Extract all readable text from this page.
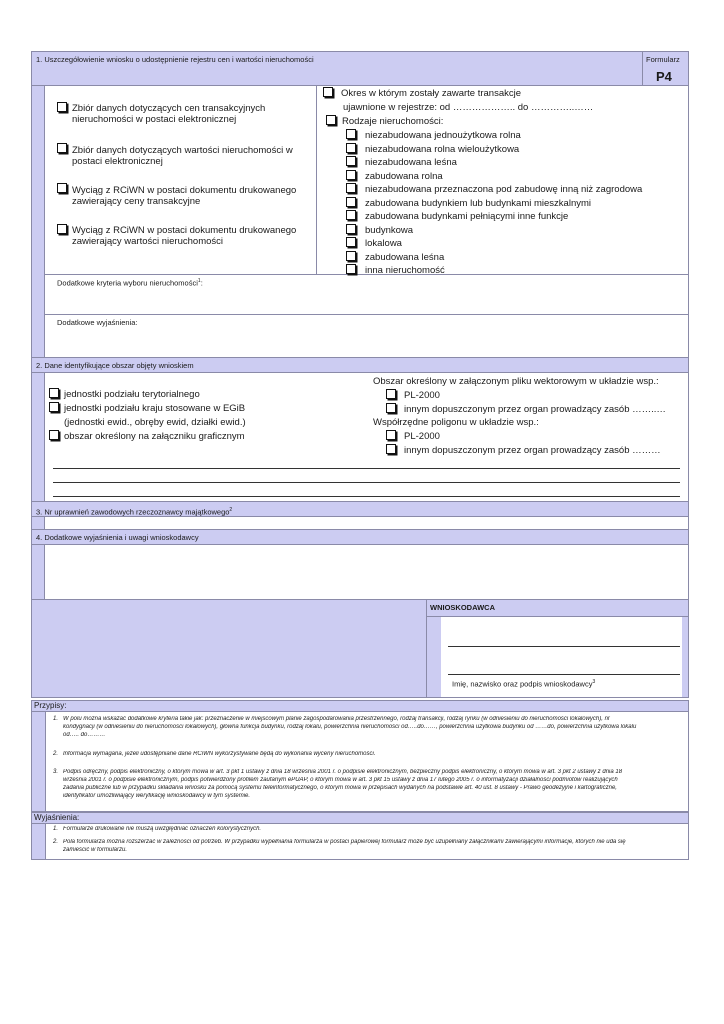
1. Uszczegółowienie wniosku o udostępnienie rejestru cen i wartości nieruchomości	Formularz
P4
Zbiór danych dotyczących cen transakcyjnych
nieruchomości w postaci elektronicznej
Zbiór danych dotyczących wartości nieruchomości w
postaci elektronicznej
Wyciąg z RCiWN w postaci dokumentu drukowanego
zawierający ceny transakcyjne
Wyciąg z RCiWN w postaci dokumentu drukowanego
zawierający wartości nieruchomości
Okres w którym zostały zawarte transakcje
ujawnione w rejestrze: od ……………….. do …………..……
Rodzaje nieruchomości:
niezabudowana jednoużytkowa rolna
niezabudowana rolna wieloużytkowa
niezabudowana leśna
zabudowana rolna
niezabudowana przeznaczona pod zabudowę inną niż zagrodowa
zabudowana budynkiem lub budynkami mieszkalnymi
zabudowana budynkami pełniącymi inne funkcje
budynkowa
lokalowa
zabudowana leśna
inna nieruchomość
Dodatkowe kryteria wyboru nieruchomości$^1$:
Dodatkowe wyjaśnienia:
2. Dane identyfikujące obszar objęty wnioskiem
jednostki podziału terytorialnego
jednostki podziału kraju stosowane w EGiB
(jednostki ewid., obręby ewid, działki ewid.)
obszar określony na załączniku graficznym
Obszar określony w załączonym pliku wektorowym w układzie wsp.:
PL-2000
innym dopuszczonym przez organ prowadzący zasób ……..…
Współrzędne poligonu w układzie wsp.:
PL-2000
innym dopuszczonym przez organ prowadzący zasób ………
3. Nr uprawnień zawodowych rzeczoznawcy majątkowego$^2$
4. Dodatkowe wyjaśnienia i uwagi wnioskodawcy
WNIOSKODAWCA
Imię, nazwisko oraz podpis wnioskodawcy$^3$
Przypisy:
1. W polu można wskazać dodatkowe kryteria takie jak: przeznaczenie w miejscowym planie zagospodarowania przestrzennego, rodzaj transakcji, rodzaj rynku (w odniesieniu do nieruchomości lokalowych), nr
kondygnacji (w odniesieniu do nieruchomości lokalowych), główna funkcja budynku, rodzaj lokalu, powierzchnia nieruchomości od…..do……, powierzchnia użytkowa budynku od ……do, powierzchnia użytkowa lokalu
od….. do………
2. Informacja wymagana, jeżeli udostępniane dane RCiWN wykorzystywane będą do wykonania wyceny nieruchomości.
3. Podpis odręczny, podpis elektroniczny, o którym mowa w art. 3 pkt 1 ustawy z dnia 18 września 2001 r. o podpisie elektronicznym, bezpieczny podpis elektroniczny, o którym mowa w art. 3 pkt 2 ustawy z dnia 18
września 2001 r. o podpisie elektronicznym, podpis potwierdzony profilem zaufanym ePUAP, o którym mowa w art. 3 pkt 15 ustawy z dnia 17 lutego 2005 r. o informatyzacji działalności podmiotów realizujących
zadania publiczne lub w przypadku składania wniosku za pomocą systemu teleinformatycznego, o którym mowa w przepisach wydanych na podstawie art. 40 ust. 8 ustawy - Prawo geodezyjne i kartograficzne,
identyfikator umożliwiający weryfikację wnioskodawcy w tym systemie.
Wyjaśnienia:
1. Formularze drukowane nie muszą uwzględniać oznaczeń kolorystycznych.
2. Pola formularza można rozszerzać w zależności od potrzeb. W przypadku wypełniania formularza w postaci papierowej formularz może być uzupełniany załącznikami zawierającymi informacje, których nie uda się
zamieścić w formularzu.
